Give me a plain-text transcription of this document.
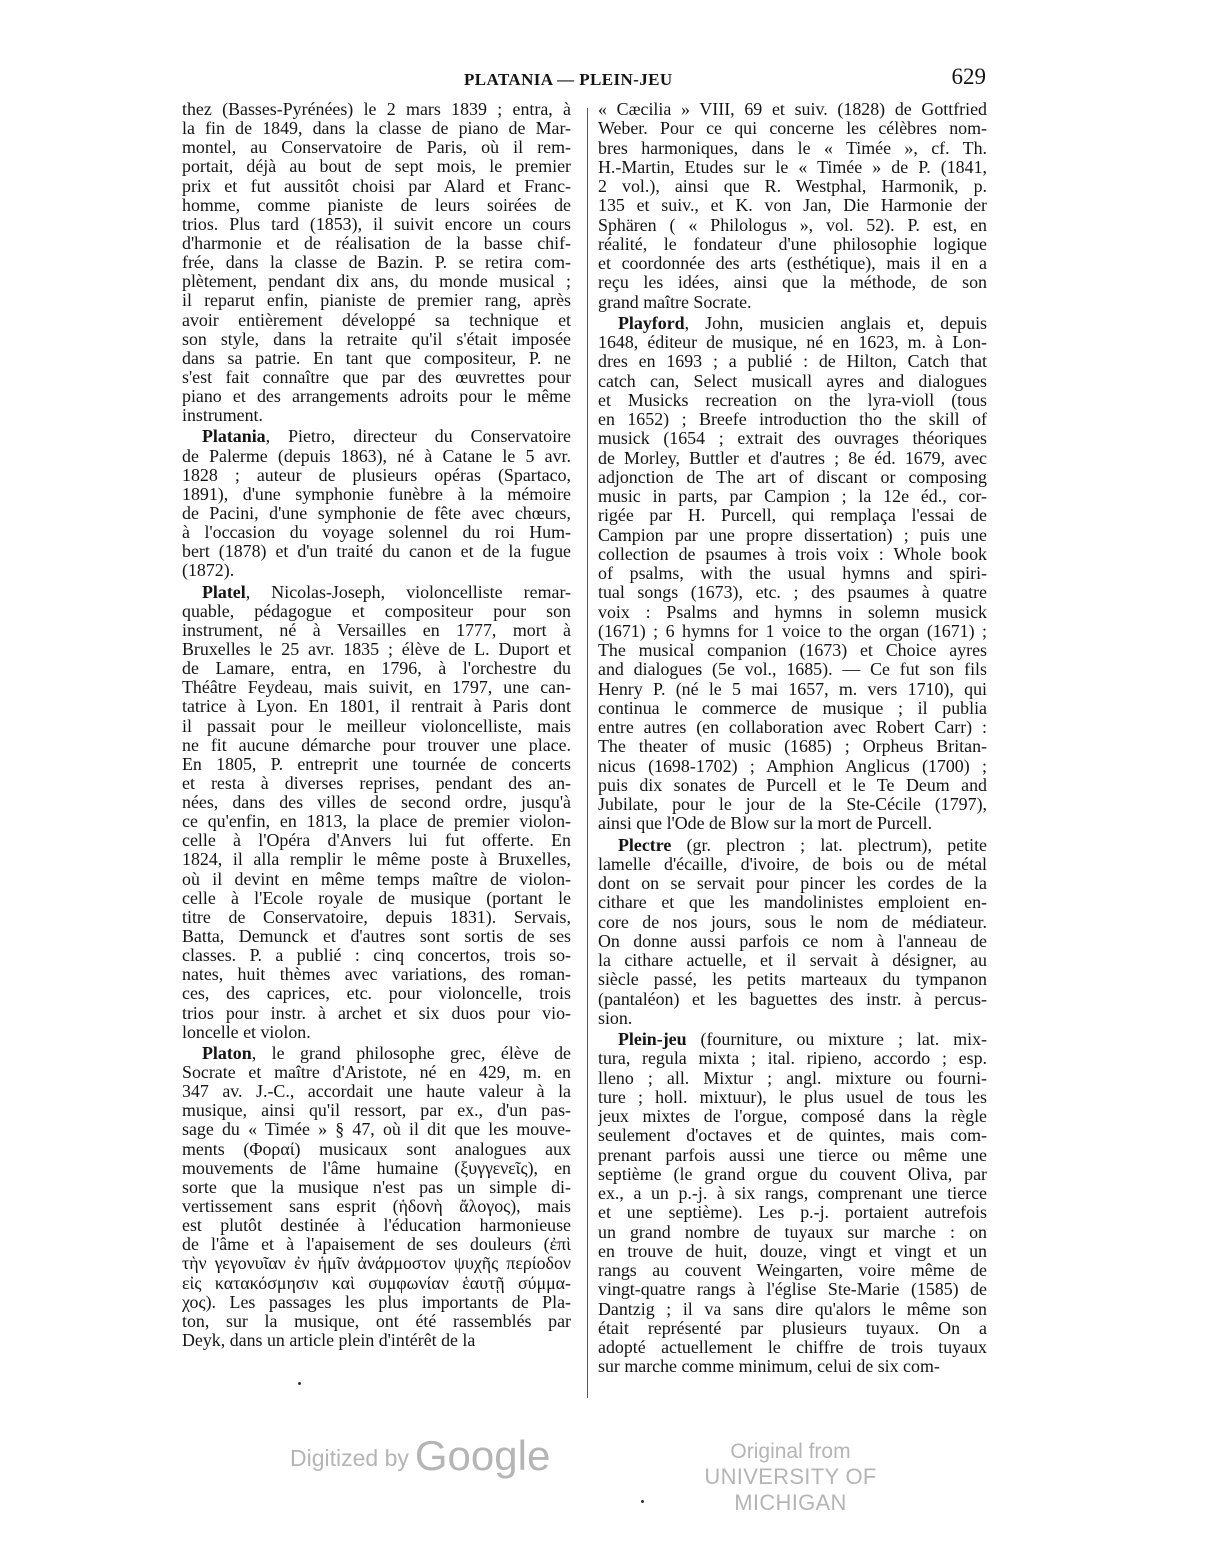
PLATANIA — PLEIN-JEU	629
thez (Basses-Pyrénées) le 2 mars 1839 ; entra, à
la fin de 1849, dans la classe de piano de Mar-
montel, au Conservatoire de Paris, où il rem-
portait, déjà au bout de sept mois, le premier
prix et fut aussitôt choisi par Alard et Franc-
homme, comme pianiste de leurs soirées de
trios. Plus tard (1853), il suivit encore un cours
d'harmonie et de réalisation de la basse chif-
frée, dans la classe de Bazin. P. se retira com-
plètement, pendant dix ans, du monde musical ;
il reparut enfin, pianiste de premier rang, après
avoir entièrement développé sa technique et
son style, dans la retraite qu'il s'était imposée
dans sa patrie. En tant que compositeur, P. ne
s'est fait connaître que par des œuvrettes pour
piano et des arrangements adroits pour le même
instrument.
Platania, Pietro, directeur du Conservatoire
de Palerme (depuis 1863), né à Catane le 5 avr.
1828 ; auteur de plusieurs opéras (Spartaco,
1891), d'une symphonie funèbre à la mémoire
de Pacini, d'une symphonie de fête avec chœurs,
à l'occasion du voyage solennel du roi Hum-
bert (1878) et d'un traité du canon et de la fugue
(1872).
Platel, Nicolas-Joseph, violoncelliste remar-
quable, pédagogue et compositeur pour son
instrument, né à Versailles en 1777, mort à
Bruxelles le 25 avr. 1835 ; élève de L. Duport et
de Lamare, entra, en 1796, à l'orchestre du
Théâtre Feydeau, mais suivit, en 1797, une can-
tatrice à Lyon. En 1801, il rentrait à Paris dont
il passait pour le meilleur violoncelliste, mais
ne fit aucune démarche pour trouver une place.
En 1805, P. entreprit une tournée de concerts
et resta à diverses reprises, pendant des an-
nées, dans des villes de second ordre, jusqu'à
ce qu'enfin, en 1813, la place de premier violon-
celle à l'Opéra d'Anvers lui fut offerte. En
1824, il alla remplir le même poste à Bruxelles,
où il devint en même temps maître de violon-
celle à l'Ecole royale de musique (portant le
titre de Conservatoire, depuis 1831). Servais,
Batta, Demunck et d'autres sont sortis de ses
classes. P. a publié : cinq concertos, trois so-
nates, huit thèmes avec variations, des roman-
ces, des caprices, etc. pour violoncelle, trois
trios pour instr. à archet et six duos pour vio-
loncelle et violon.
Platon, le grand philosophe grec, élève de
Socrate et maître d'Aristote, né en 429, m. en
347 av. J.-C., accordait une haute valeur à la
musique, ainsi qu'il ressort, par ex., d'un pas-
sage du « Timée » § 47, où il dit que les mouve-
ments (Φοραί) musicaux sont analogues aux
mouvements de l'âme humaine (ξυγγενεῖς), en
sorte que la musique n'est pas un simple di-
vertissement sans esprit (ἡδονὴ ἄλογος), mais
est plutôt destinée à l'éducation harmonieuse
de l'âme et à l'apaisement de ses douleurs (ἐπὶ
τὴν γεγονυῖαν ἐν ἡμῖν ἀνάρμοστον ψυχῆς περίοδον
εἰς κατακόσμησιν καὶ συμφωνίαν ἑαυτῇ σύμμα-
χος). Les passages les plus importants de Pla-
ton, sur la musique, ont été rassemblés par
Deyk, dans un article plein d'intérêt de la
« Cæcilia » VIII, 69 et suiv. (1828) de Gottfried
Weber. Pour ce qui concerne les célèbres nom-
bres harmoniques, dans le « Timée », cf. Th.
H.-Martin, Etudes sur le « Timée » de P. (1841,
2 vol.), ainsi que R. Westphal, Harmonik, p.
135 et suiv., et K. von Jan, Die Harmonie der
Sphären ( « Philologus », vol. 52). P. est, en
réalité, le fondateur d'une philosophie logique
et coordonnée des arts (esthétique), mais il en a
reçu les idées, ainsi que la méthode, de son
grand maître Socrate.
Playford, John, musicien anglais et, depuis
1648, éditeur de musique, né en 1623, m. à Lon-
dres en 1693 ; a publié : de Hilton, Catch that
catch can, Select musicall ayres and dialogues
et Musicks recreation on the lyra-violl (tous
en 1652) ; Breefe introduction tho the skill of
musick (1654 ; extrait des ouvrages théoriques
de Morley, Buttler et d'autres ; 8e éd. 1679, avec
adjonction de The art of discant or composing
music in parts, par Campion ; la 12e éd., cor-
rigée par H. Purcell, qui remplaça l'essai de
Campion par une propre dissertation) ; puis une
collection de psaumes à trois voix : Whole book
of psalms, with the usual hymns and spiri-
tual songs (1673), etc. ; des psaumes à quatre
voix : Psalms and hymns in solemn musick
(1671) ; 6 hymns for 1 voice to the organ (1671) ;
The musical companion (1673) et Choice ayres
and dialogues (5e vol., 1685). — Ce fut son fils
Henry P. (né le 5 mai 1657, m. vers 1710), qui
continua le commerce de musique ; il publia
entre autres (en collaboration avec Robert Carr) :
The theater of music (1685) ; Orpheus Britan-
nicus (1698-1702) ; Amphion Anglicus (1700) ;
puis dix sonates de Purcell et le Te Deum and
Jubilate, pour le jour de la Ste-Cécile (1797),
ainsi que l'Ode de Blow sur la mort de Purcell.
Plectre (gr. plectron ; lat. plectrum), petite
lamelle d'écaille, d'ivoire, de bois ou de métal
dont on se servait pour pincer les cordes de la
cithare et que les mandolinistes emploient en-
core de nos jours, sous le nom de médiateur.
On donne aussi parfois ce nom à l'anneau de
la cithare actuelle, et il servait à désigner, au
siècle passé, les petits marteaux du tympanon
(pantaléon) et les baguettes des instr. à percus-
sion.
Plein-jeu (fourniture, ou mixture ; lat. mix-
tura, regula mixta ; ital. ripieno, accordo ; esp.
lleno ; all. Mixtur ; angl. mixture ou fourni-
ture ; holl. mixtuur), le plus usuel de tous les
jeux mixtes de l'orgue, composé dans la règle
seulement d'octaves et de quintes, mais com-
prenant parfois aussi une tierce ou même une
septième (le grand orgue du couvent Oliva, par
ex., a un p.-j. à six rangs, comprenant une tierce
et une septième). Les p.-j. portaient autrefois
un grand nombre de tuyaux sur marche : on
en trouve de huit, douze, vingt et vingt et un
rangs au couvent Weingarten, voire même de
vingt-quatre rangs à l'église Ste-Marie (1585) de
Dantzig ; il va sans dire qu'alors le même son
était représenté par plusieurs tuyaux. On a
adopté actuellement le chiffre de trois tuyaux
sur marche comme minimum, celui de six com-
Digitized by Google	Original from
UNIVERSITY OF MICHIGAN
